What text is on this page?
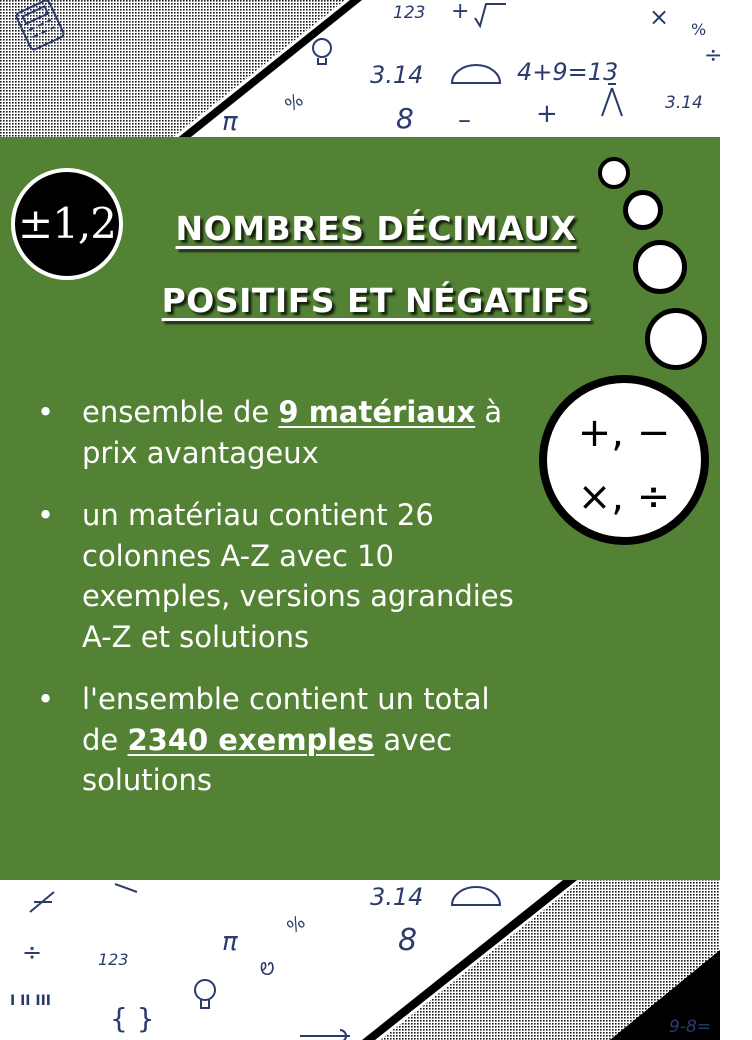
123 +
3.14	4+9=13
× %
3.14
8 –	+
π
%
÷
3.14
8
π
%
123
÷
I II III
{ }	9-8=
Ꮼ
±1,2	NOMBRES DÉCIMAUX
POSITIFS ET NÉGATIFS
+, −
×, ÷
• ensemble de 9 matériaux à prix avantageux
• un matériau contient 26 colonnes A-Z avec 10 exemples, versions agrandies A-Z et solutions
• l'ensemble contient un total de 2340 exemples avec solutions
